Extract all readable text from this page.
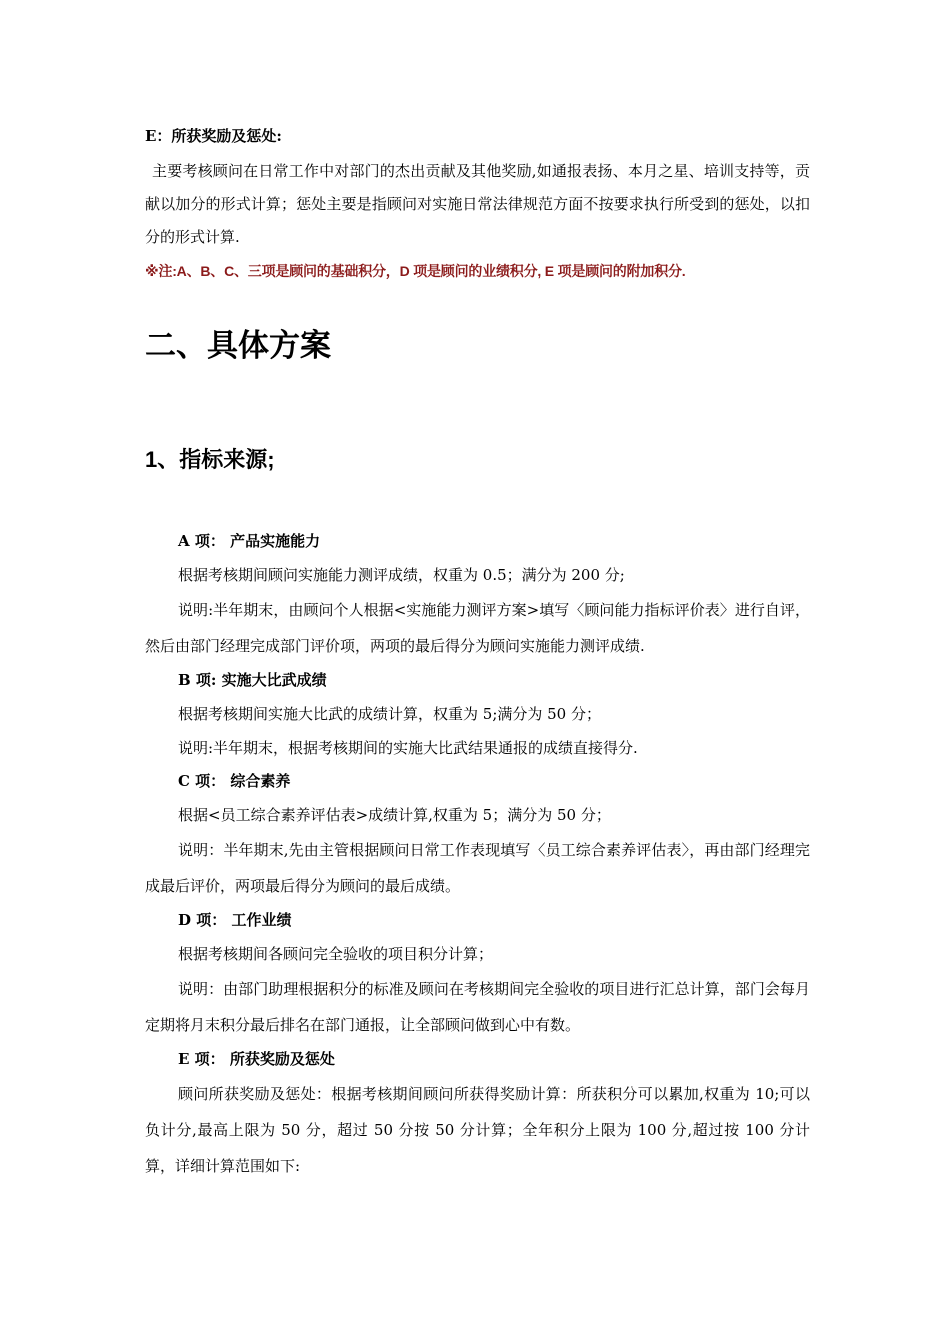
E：所获奖励及惩处:

主要考核顾问在日常工作中对部门的杰出贡献及其他奖励,如通报表扬、本月之星、培训支持等，贡献以加分的形式计算；惩处主要是指顾问对实施日常法律规范方面不按要求执行所受到的惩处，以扣分的形式计算.

※注:A、B、C、三项是顾问的基础积分，D 项是顾问的业绩积分, E 项是顾问的附加积分.

二、具体方案
1、指标来源;

A 项： 产品实施能力

根据考核期间顾问实施能力测评成绩，权重为 0.5；满分为 200 分;

说明:半年期末，由顾问个人根据<实施能力测评方案>填写〈顾问能力指标评价表〉进行自评，然后由部门经理完成部门评价项，两项的最后得分为顾问实施能力测评成绩.

B 项: 实施大比武成绩

根据考核期间实施大比武的成绩计算，权重为 5;满分为 50 分；

说明:半年期末，根据考核期间的实施大比武结果通报的成绩直接得分.

C 项： 综合素养

根据<员工综合素养评估表>成绩计算,权重为 5；满分为 50 分；

说明：半年期末,先由主管根据顾问日常工作表现填写〈员工综合素养评估表〉，再由部门经理完成最后评价，两项最后得分为顾问的最后成绩。

D 项： 工作业绩

根据考核期间各顾问完全验收的项目积分计算；

说明：由部门助理根据积分的标准及顾问在考核期间完全验收的项目进行汇总计算，部门会每月定期将月末积分最后排名在部门通报，让全部顾问做到心中有数。

E 项： 所获奖励及惩处

顾问所获奖励及惩处：根据考核期间顾问所获得奖励计算：所获积分可以累加,权重为 10;可以负计分,最高上限为 50 分，超过 50 分按 50 分计算；全年积分上限为 100 分,超过按 100 分计算，详细计算范围如下:
